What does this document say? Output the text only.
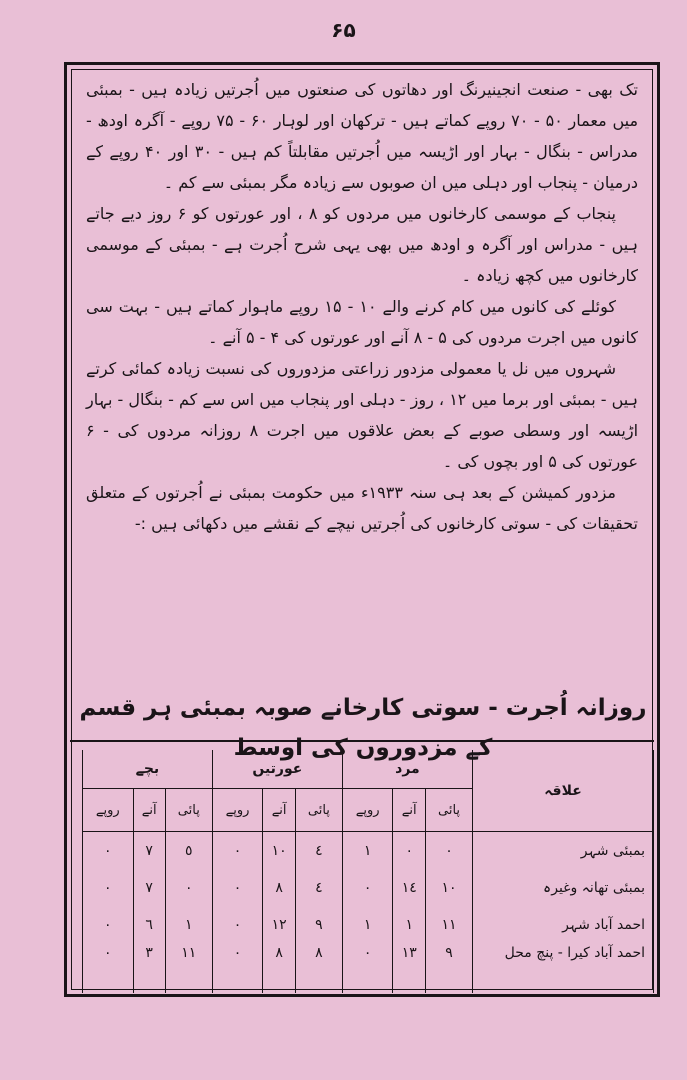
۶۵

تک بھی - صنعت انجینیرنگ اور دھاتوں کی صنعتوں میں اُجرتیں زیادہ ہیں - بمبئی میں معمار ۵۰ - ۷۰ روپے کماتے ہیں - ترکھان اور لوہار ۶۰ - ۷۵ روپے - آگرہ اودھ - مدراس - بنگال - بہار اور اڑیسہ میں اُجرتیں مقابلتاً کم ہیں - ۳۰ اور ۴۰ روپے کے درمیان - پنجاب اور دہلی میں ان صوبوں سے زیادہ مگر بمبئی سے کم ۔

پنجاب کے موسمی کارخانوں میں مردوں کو ۸ ، اور عورتوں کو ۶ روز دیے جاتے ہیں - مدراس اور آگرہ و اودھ میں بھی یہی شرح اُجرت ہے - بمبئی کے موسمی کارخانوں میں کچھ زیادہ ۔

کوئلے کی کانوں میں کام کرنے والے ۱۰ - ۱۵ روپے ماہوار کماتے ہیں - بہت سی کانوں میں اجرت مردوں کی ۵ - ۸ آنے اور عورتوں کی ۴ - ۵ آنے ۔

شہروں میں نل یا معمولی مزدور زراعتی مزدوروں کی نسبت زیادہ کمائی کرتے ہیں - بمبئی اور برما میں ۱۲ ، روز - دہلی اور پنجاب میں اس سے کم - بنگال - بہار اڑیسہ اور وسطی صوبے کے بعض علاقوں میں اجرت ۸ روزانہ مردوں کی - ۶ عورتوں کی ۵ اور بچوں کی ۔

مزدور کمیشن کے بعد ہی سنہ ۱۹۳۳ء میں حکومت بمبئی نے اُجرتوں کے متعلق تحقیقات کی - سوتی کارخانوں کی اُجرتیں نیچے کے نقشے میں دکھائی ہیں :-

روزانہ اُجرت - سوتی کارخانے صوبہ بمبئی ہر قسم کے مزدوروں کی اوسط
علاقہ	مرد			عورتیں			بچے		
	پائی	آنے	روپے	پائی	آنے	روپے	پائی	آنے	روپے
بمبئی شہر	٠	٠	١	٤	١٠	٠	٥	٧	٠
بمبئی تھانہ وغیرہ	١٠	١٤	٠	٤	٨	٠	٠	٧	٠
احمد آباد شہر	١١	١	١	٩	١٢	٠	١	٦	٠
احمد آباد کیرا - پنچ محل	٩	١٣	٠	٨	٨	٠	١١	٣	٠
